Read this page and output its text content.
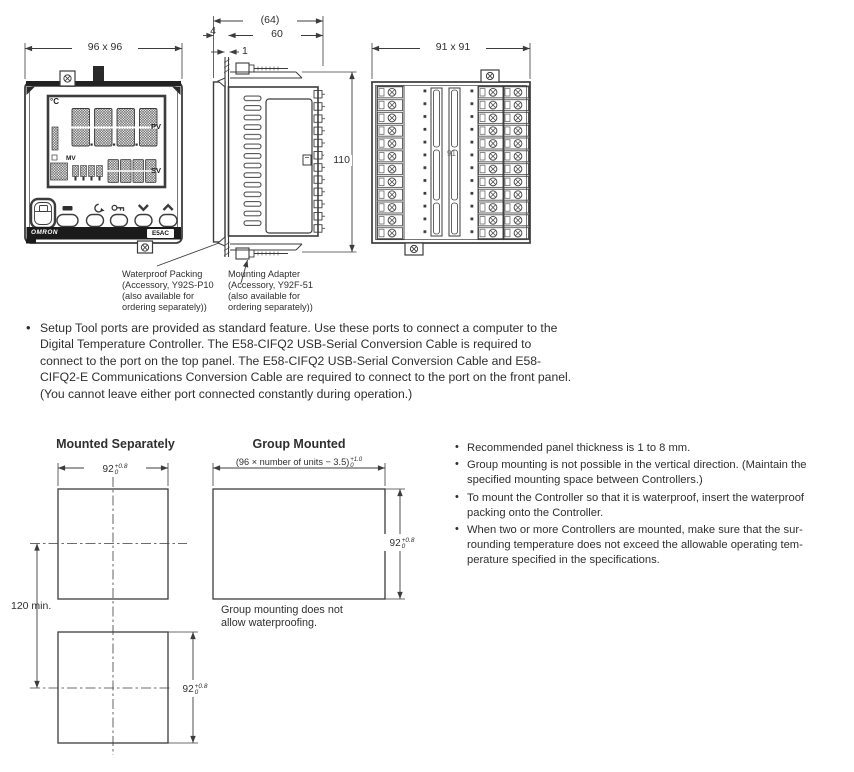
96 x 96
(64)
60
4
1
110
91 x 91
91
°C
PV
MV
SV
OMRON	E5AC
Waterproof Packing
(Accessory, Y92S-P10
(also available for
ordering separately))
Mounting Adapter
(Accessory, Y92F-51
(also available for
ordering separately))
• Setup Tool ports are provided as standard feature. Use these ports to connect a computer to the
Digital Temperature Controller. The E58-CIFQ2 USB-Serial Conversion Cable is required to
connect to the port on the top panel. The E58-CIFQ2 USB-Serial Conversion Cable and E58-
CIFQ2-E Communications Conversion Cable are required to connect to the port on the front panel.
(You cannot leave either port connected constantly during operation.)
Mounted Separately
92 +0.8
0
120 min.
92 +0.8
0
Group Mounted
(96 × number of units − 3.5) +1.0
0
92 +0.8
0
Group mounting does not
allow waterproofing.
• Recommended panel thickness is 1 to 8 mm.
• Group mounting is not possible in the vertical direction. (Maintain the
specified mounting space between Controllers.)
• To mount the Controller so that it is waterproof, insert the waterproof
packing onto the Controller.
• When two or more Controllers are mounted, make sure that the sur-
rounding temperature does not exceed the allowable operating tem-
perature specified in the specifications.
